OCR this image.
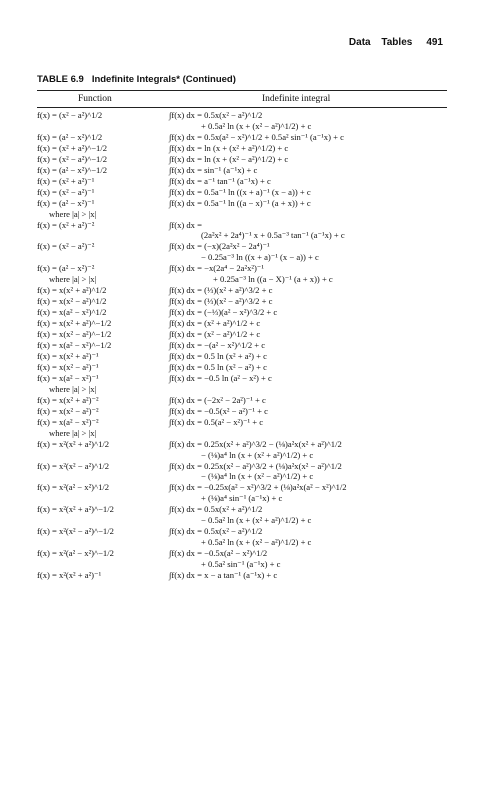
Data Tables 491
TABLE 6.9 Indefinite Integrals* (Continued)
Function	Indefinite integral
f(x) = (x² − a²)^1/2	∫f(x) dx = 0.5x(x² − a²)^1/2
+ 0.5a² ln (x + (x² − a²)^1/2) + c
f(x) = (a² − x²)^1/2	∫f(x) dx = 0.5x(a² − x²)^1/2 + 0.5a² sin⁻¹ (a⁻¹x) + c
f(x) = (x² + a²)^−1/2	∫f(x) dx = ln (x + (x² + a²)^1/2) + c
f(x) = (x² − a²)^−1/2	∫f(x) dx = ln (x + (x² − a²)^1/2) + c
f(x) = (a² − x²)^−1/2	∫f(x) dx = sin⁻¹ (a⁻¹x) + c
f(x) = (x² + a²)⁻¹	∫f(x) dx = a⁻¹ tan⁻¹ (a⁻¹x) + c
f(x) = (x² − a²)⁻¹	∫f(x) dx = 0.5a⁻¹ ln ((x + a)⁻¹ (x − a)) + c
f(x) = (a² − x²)⁻¹	∫f(x) dx = 0.5a⁻¹ ln ((a − x)⁻¹ (a + x)) + c
where |a| > |x|
f(x) = (x² + a²)⁻²	∫f(x) dx =
(2a²x² + 2a⁴)⁻¹ x + 0.5a⁻³ tan⁻¹ (a⁻¹x) + c
f(x) = (x² − a²)⁻²	∫f(x) dx = (−x)(2a²x² − 2a⁴)⁻¹
− 0.25a⁻³ ln ((x + a)⁻¹ (x − a)) + c
f(x) = (a² − x²)⁻²	∫f(x) dx = −x(2a⁴ − 2a²x²)⁻¹
where |a| > |x|	+ 0.25a⁻³ ln ((a − X)⁻¹ (a + x)) + c
f(x) = x(x² + a²)^1/2	∫f(x) dx = (⅓)(x² + a²)^3/2 + c
f(x) = x(x² − a²)^1/2	∫f(x) dx = (⅓)(x² − a²)^3/2 + c
f(x) = x(a² − x²)^1/2	∫f(x) dx = (−⅓)(a² − x²)^3/2 + c
f(x) = x(x² + a²)^−1/2	∫f(x) dx = (x² + a²)^1/2 + c
f(x) = x(x² − a²)^−1/2	∫f(x) dx = (x² − a²)^1/2 + c
f(x) = x(a² − x²)^−1/2	∫f(x) dx = −(a² − x²)^1/2 + c
f(x) = x(x² + a²)⁻¹	∫f(x) dx = 0.5 ln (x² + a²) + c
f(x) = x(x² − a²)⁻¹	∫f(x) dx = 0.5 ln (x² − a²) + c
f(x) = x(a² − x²)⁻¹	∫f(x) dx = −0.5 ln (a² − x²) + c
where |a| > |x|
f(x) = x(x² + a²)⁻²	∫f(x) dx = (−2x² − 2a²)⁻¹ + c
f(x) = x(x² − a²)⁻²	∫f(x) dx = −0.5(x² − a²)⁻¹ + c
f(x) = x(a² − x²)⁻²	∫f(x) dx = 0.5(a² − x²)⁻¹ + c
where |a| > |x|
f(x) = x²(x² + a²)^1/2	∫f(x) dx = 0.25x(x² + a²)^3/2 − (⅛)a²x(x² + a²)^1/2
− (⅛)a⁴ ln (x + (x² + a²)^1/2) + c
f(x) = x²(x² − a²)^1/2	∫f(x) dx = 0.25x(x² − a²)^3/2 + (⅛)a²x(x² − a²)^1/2
− (⅛)a⁴ ln (x + (x² − a²)^1/2) + c
f(x) = x²(a² − x²)^1/2	∫f(x) dx = −0.25x(a² − x²)^3/2 + (⅛)a²x(a² − x²)^1/2
+ (⅛)a⁴ sin⁻¹ (a⁻¹x) + c
f(x) = x²(x² + a²)^−1/2	∫f(x) dx = 0.5x(x² + a²)^1/2
− 0.5a² ln (x + (x² + a²)^1/2) + c
f(x) = x²(x² − a²)^−1/2	∫f(x) dx = 0.5x(x² − a²)^1/2
+ 0.5a² ln (x + (x² − a²)^1/2) + c
f(x) = x²(a² − x²)^−1/2	∫f(x) dx = −0.5x(a² − x²)^1/2
+ 0.5a² sin⁻¹ (a⁻¹x) + c
f(x) = x²(x² + a²)⁻¹	∫f(x) dx = x − a tan⁻¹ (a⁻¹x) + c
